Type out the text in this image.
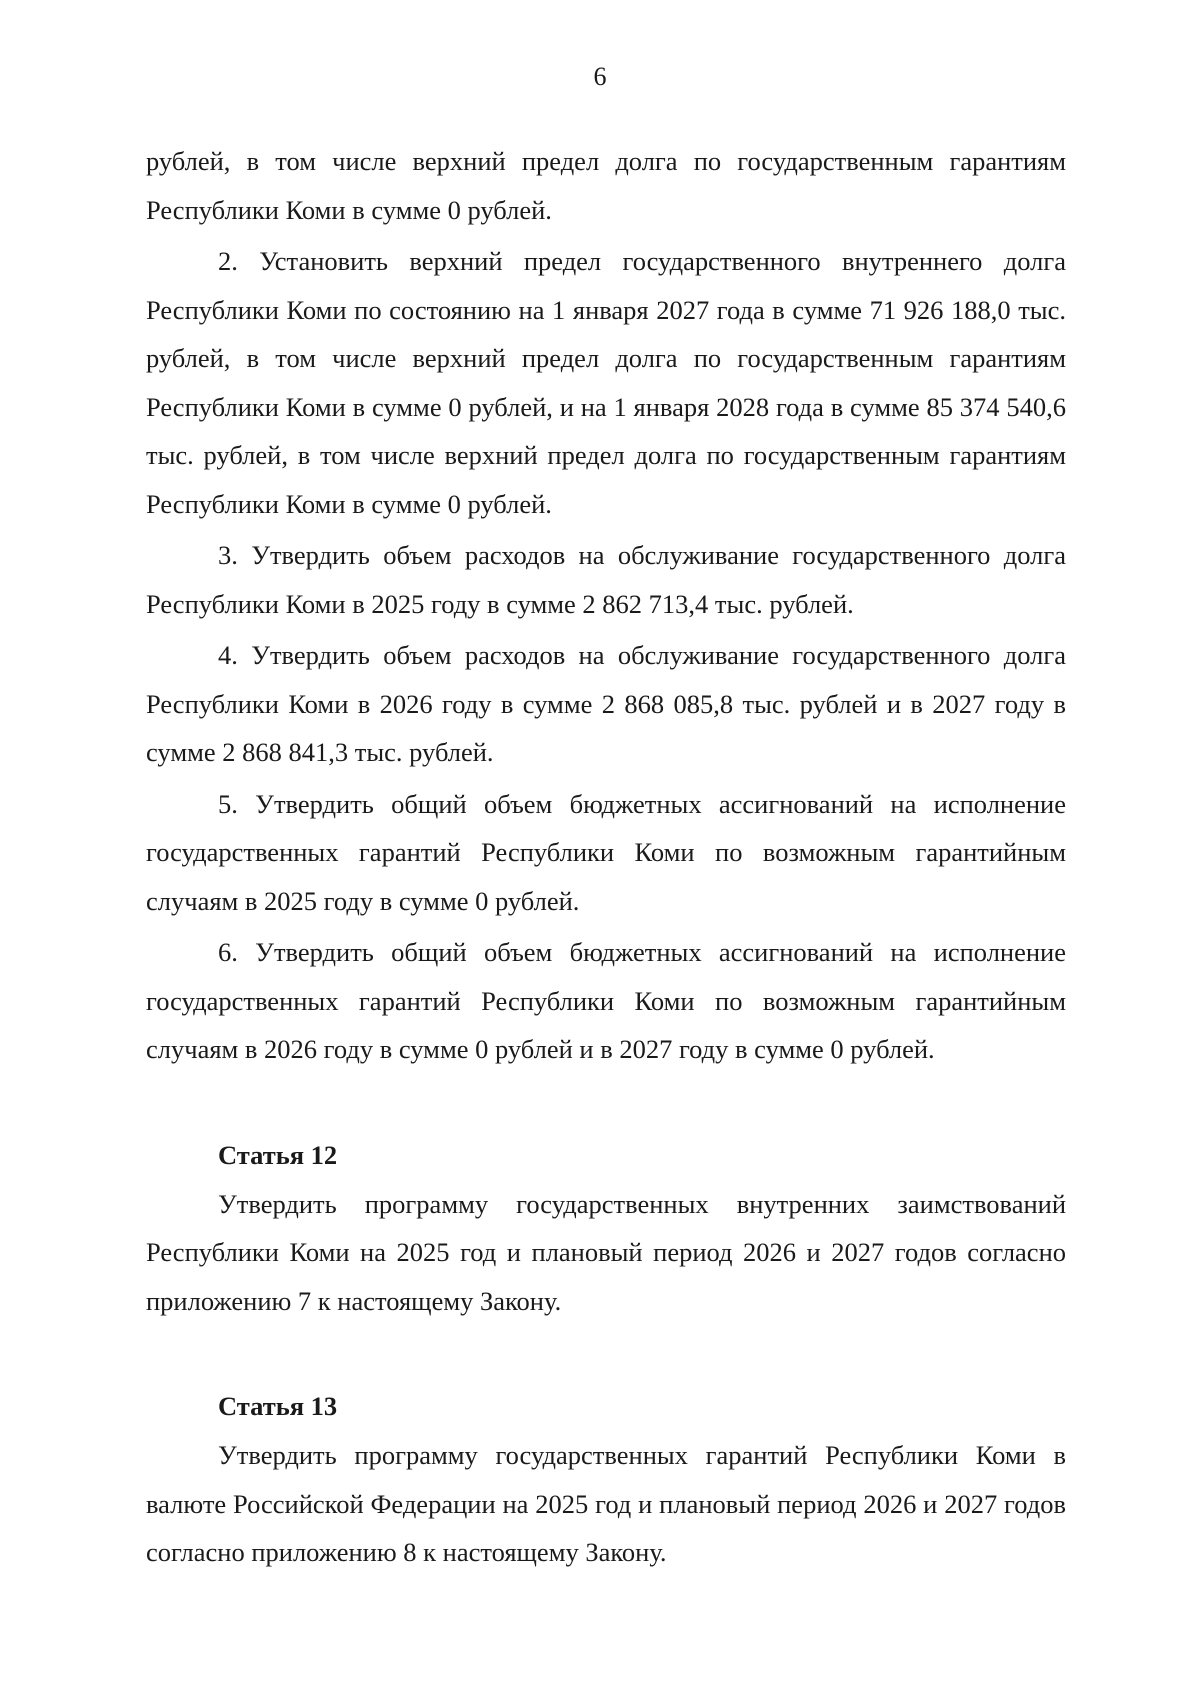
6

рублей, в том числе верхний предел долга по государственным гарантиям Республики Коми в сумме 0 рублей.

2. Установить верхний предел государственного внутреннего долга Республики Коми по состоянию на 1 января 2027 года в сумме 71 926 188,0 тыс. рублей, в том числе верхний предел долга по государственным гарантиям Республики Коми в сумме 0 рублей, и на 1 января 2028 года в сумме 85 374 540,6 тыс. рублей, в том числе верхний предел долга по государственным гарантиям Республики Коми в сумме 0 рублей.

3. Утвердить объем расходов на обслуживание государственного долга Республики Коми в 2025 году в сумме 2 862 713,4 тыс. рублей.

4. Утвердить объем расходов на обслуживание государственного долга Республики Коми в 2026 году в сумме 2 868 085,8 тыс. рублей и в 2027 году в сумме 2 868 841,3 тыс. рублей.

5. Утвердить общий объем бюджетных ассигнований на исполнение государственных гарантий Республики Коми по возможным гарантийным случаям в 2025 году в сумме 0 рублей.

6. Утвердить общий объем бюджетных ассигнований на исполнение государственных гарантий Республики Коми по возможным гарантийным случаям в 2026 году в сумме 0 рублей и в 2027 году в сумме 0 рублей.

Статья 12

Утвердить программу государственных внутренних заимствований Республики Коми на 2025 год и плановый период 2026 и 2027 годов согласно приложению 7 к настоящему Закону.

Статья 13

Утвердить программу государственных гарантий Республики Коми в валюте Российской Федерации на 2025 год и плановый период 2026 и 2027 годов согласно приложению 8 к настоящему Закону.
